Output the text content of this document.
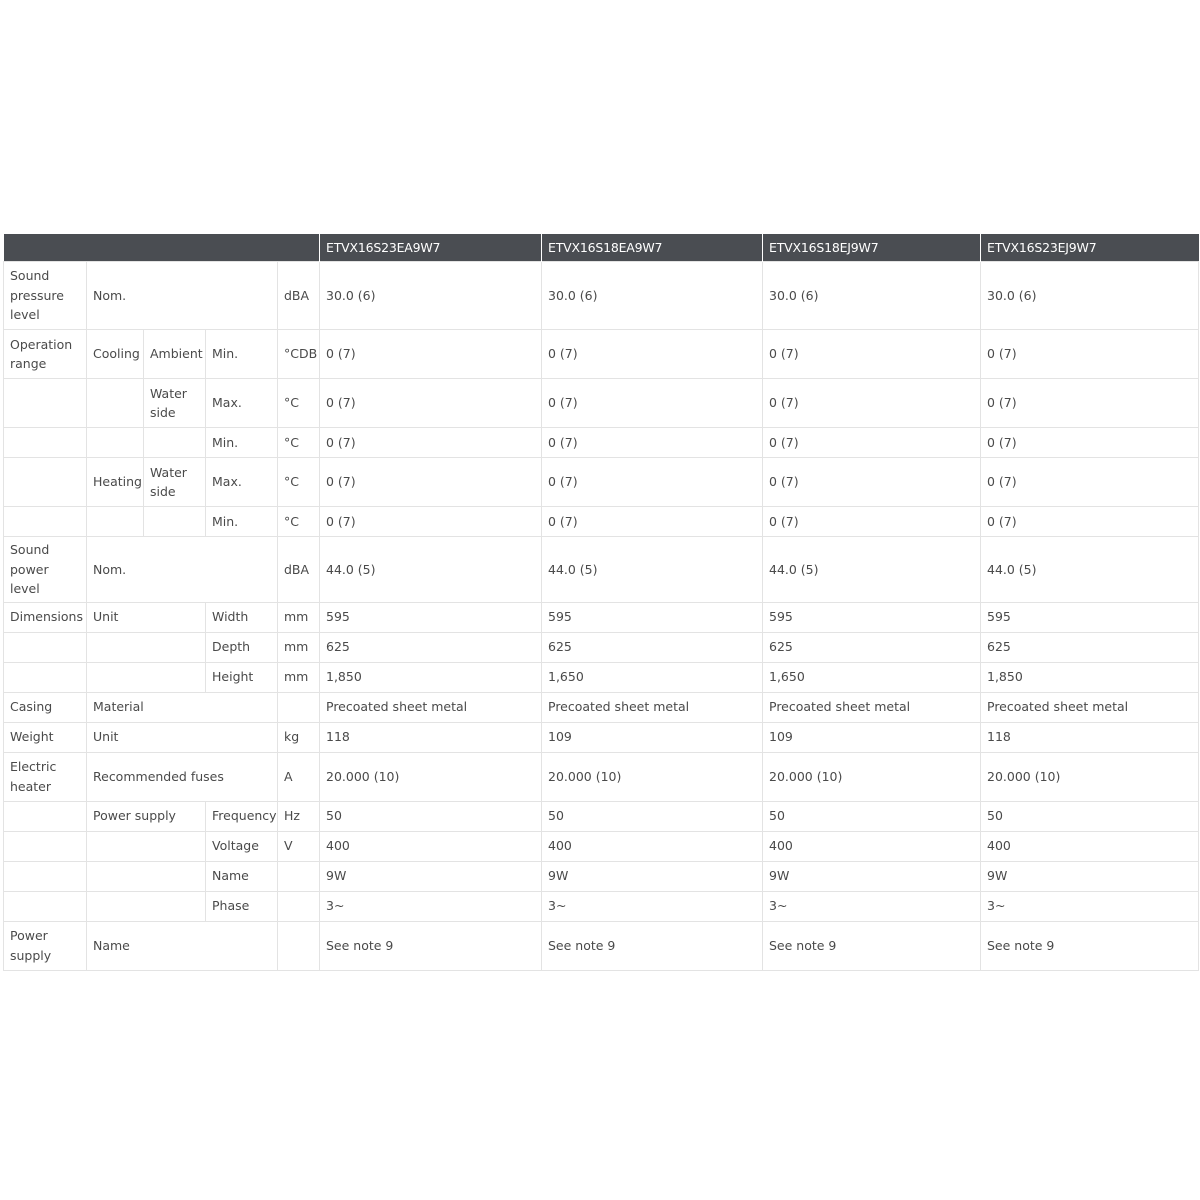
					ETVX16S23EA9W7	ETVX16S18EA9W7	ETVX16S18EJ9W7	ETVX16S23EJ9W7
Sound pressure level	Nom.			dBA	30.0 (6)	30.0 (6)	30.0 (6)	30.0 (6)
Operation range	Cooling	Ambient	Min.	°CDB	0 (7)	0 (7)	0 (7)	0 (7)
		Water side	Max.	°C	0 (7)	0 (7)	0 (7)	0 (7)
			Min.	°C	0 (7)	0 (7)	0 (7)	0 (7)
	Heating	Water side	Max.	°C	0 (7)	0 (7)	0 (7)	0 (7)
			Min.	°C	0 (7)	0 (7)	0 (7)	0 (7)
Sound power level	Nom.			dBA	44.0 (5)	44.0 (5)	44.0 (5)	44.0 (5)
Dimensions	Unit		Width	mm	595	595	595	595
			Depth	mm	625	625	625	625
			Height	mm	1,850	1,650	1,650	1,850
Casing	Material				Precoated sheet metal	Precoated sheet metal	Precoated sheet metal	Precoated sheet metal
Weight	Unit			kg	118	109	109	118
Electric heater	Recommended fuses			A	20.000 (10)	20.000 (10)	20.000 (10)	20.000 (10)
	Power supply		Frequency	Hz	50	50	50	50
			Voltage	V	400	400	400	400
			Name		9W	9W	9W	9W
			Phase		3~	3~	3~	3~
Power supply	Name				See note 9	See note 9	See note 9	See note 9
